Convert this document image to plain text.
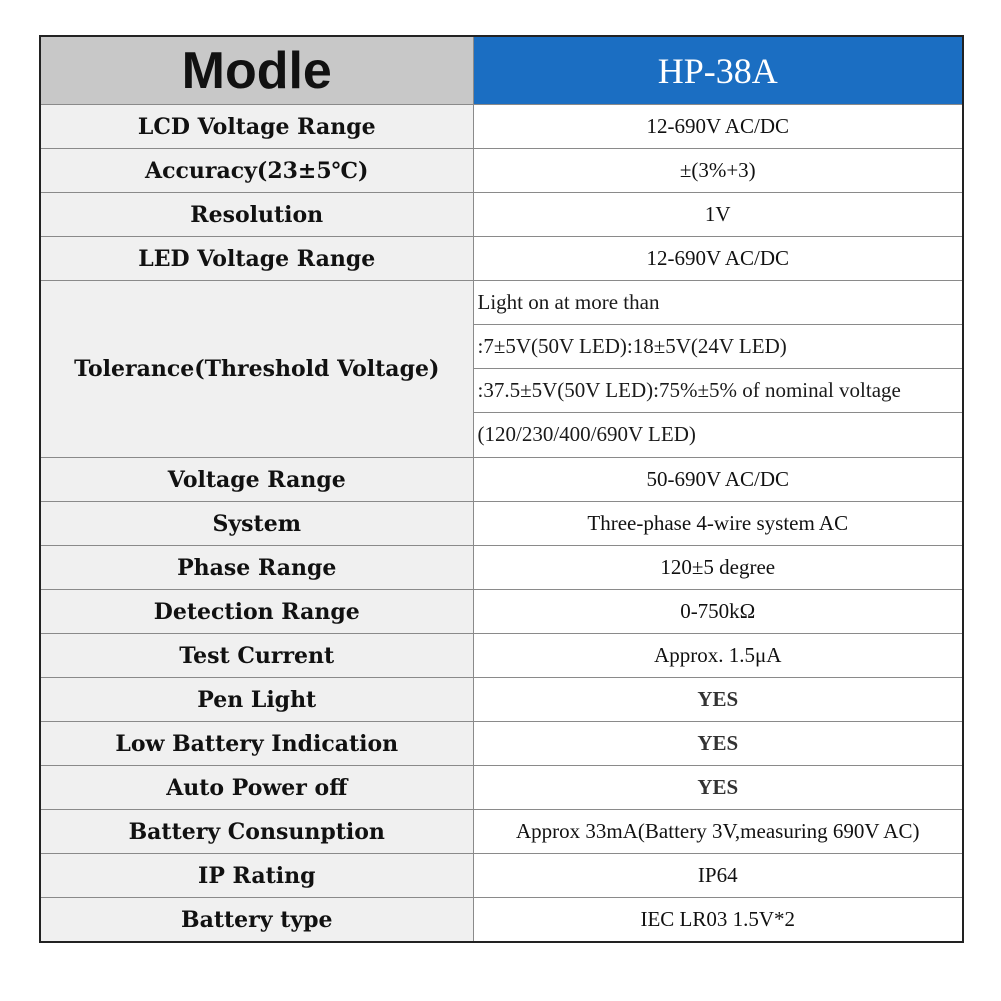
Modle	HP-38A
LCD Voltage Range	12-690V AC/DC
Accuracy(23±5℃)	±(3%+3)
Resolution	1V
LED Voltage Range	12-690V AC/DC
Tolerance(Threshold Voltage)	Light on at more than
:7±5V(50V LED):18±5V(24V LED)
:37.5±5V(50V LED):75%±5% of nominal voltage
(120/230/400/690V LED)

Voltage Range	50-690V AC/DC
System	Three-phase 4-wire system AC
Phase Range	120±5 degree
Detection Range	0-750kΩ
Test Current	Approx. 1.5μA
Pen Light	YES
Low Battery Indication	YES
Auto Power off	YES
Battery Consunption	Approx 33mA(Battery 3V,measuring 690V AC)
IP Rating	IP64
Battery type	IEC LR03 1.5V*2
